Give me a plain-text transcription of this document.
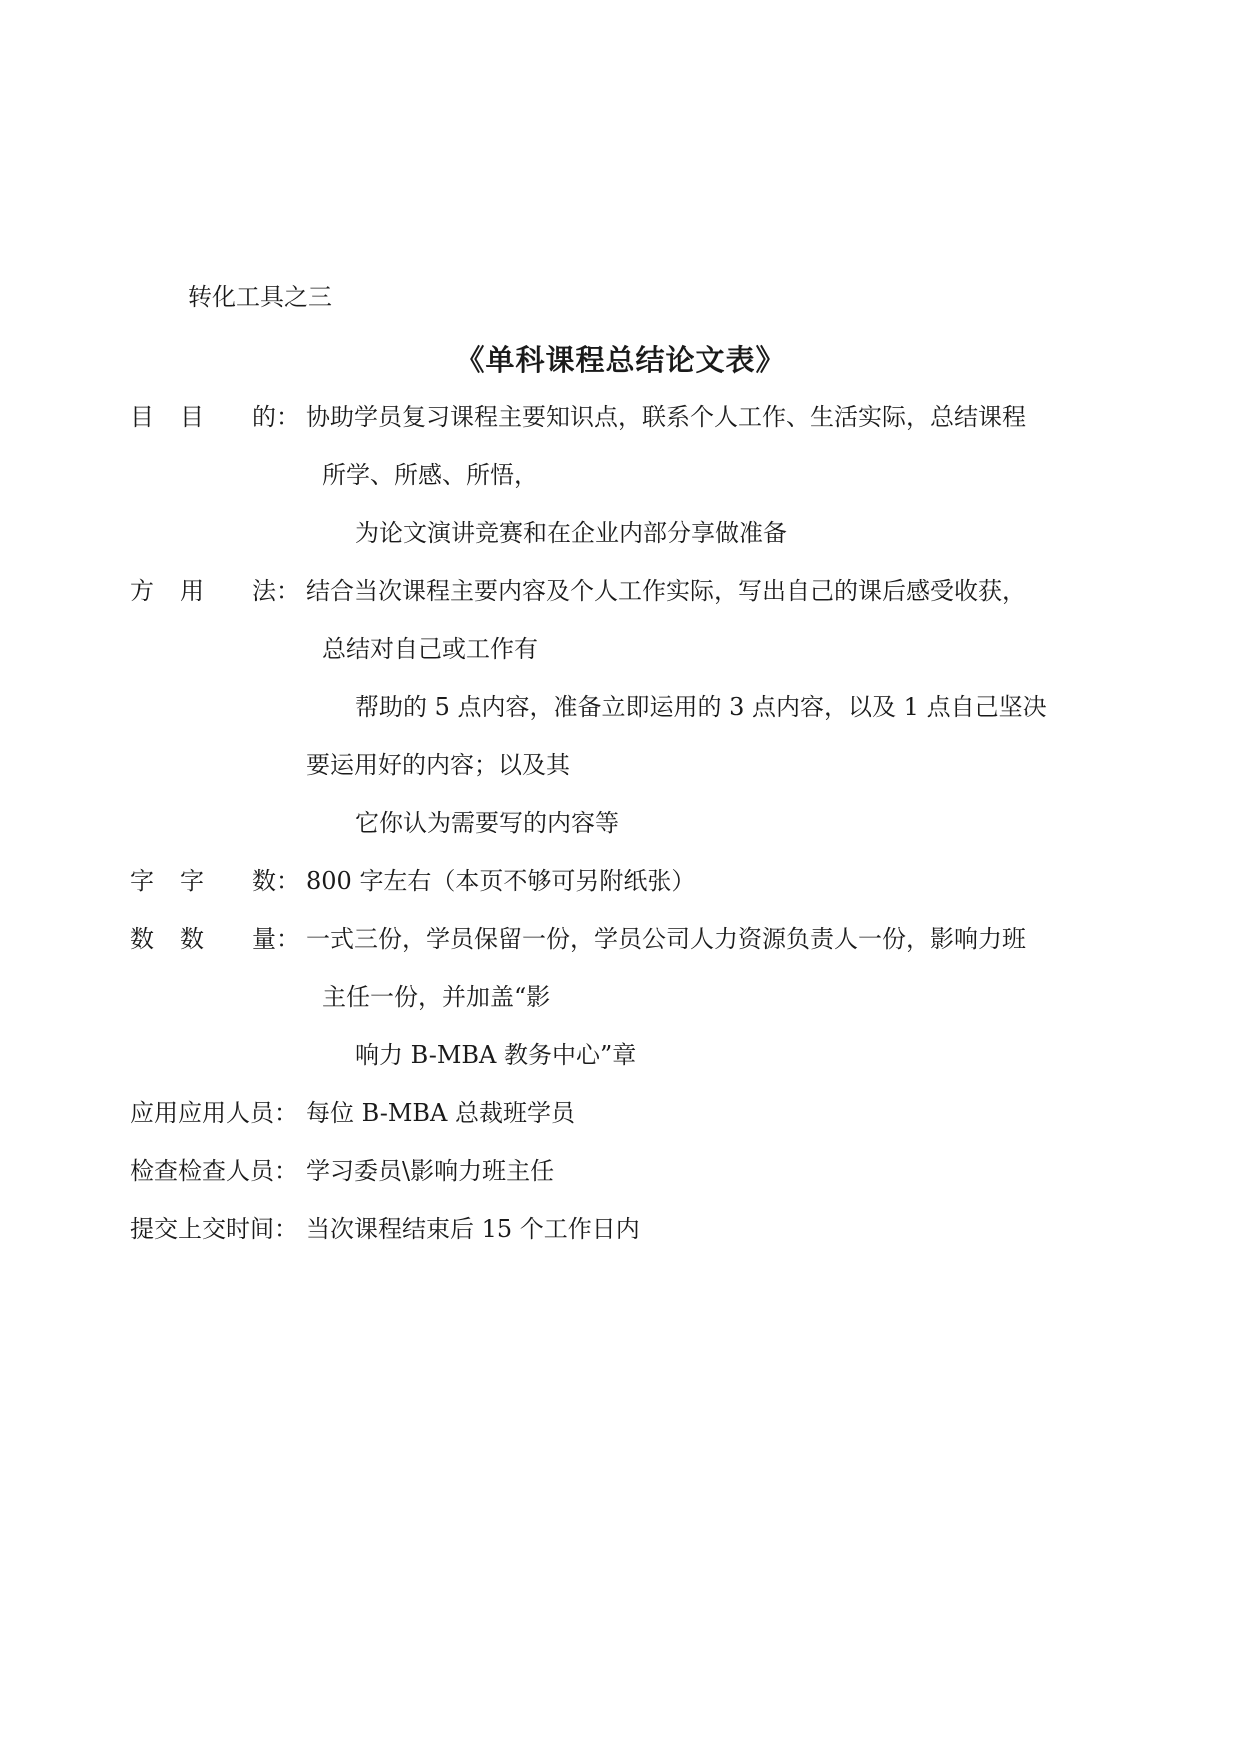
转化工具之三
《单科课程总结论文表》
目 目 的： 协助学员复习课程主要知识点，联系个人工作、生活实际，总结课程
所学、所感、所悟，
为论文演讲竞赛和在企业内部分享做准备
方 用 法： 结合当次课程主要内容及个人工作实际，写出自己的课后感受收获，
总结对自己或工作有
帮助的 5 点内容，准备立即运用的 3 点内容，以及 1 点自己坚决
要运用好的内容；以及其
它你认为需要写的内容等
字 字 数： 800 字左右（本页不够可另附纸张）
数 数 量： 一式三份，学员保留一份，学员公司人力资源负责人一份，影响力班
主任一份，并加盖“影
响力 B-MBA 教务中心”章
应用应用人员： 每位 B-MBA 总裁班学员
检查检查人员： 学习委员\影响力班主任
提交上交时间： 当次课程结束后 15 个工作日内
